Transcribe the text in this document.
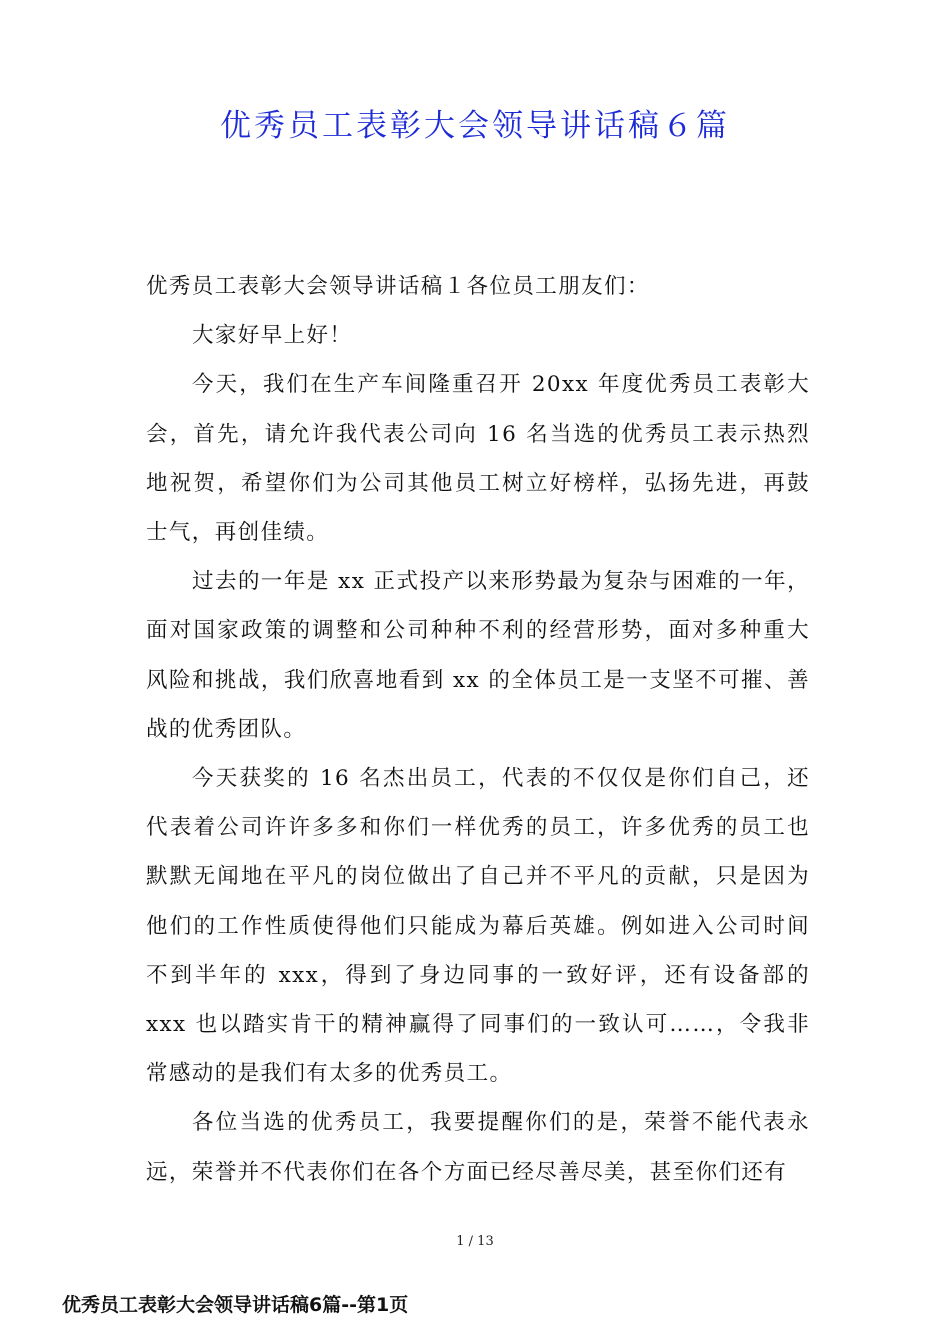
优秀员工表彰大会领导讲话稿６篇

优秀员工表彰大会领导讲话稿１各位员工朋友们：

大家好早上好！

今天，我们在生产车间隆重召开 20xx 年度优秀员工表彰大会，首先，请允许我代表公司向 16 名当选的优秀员工表示热烈地祝贺，希望你们为公司其他员工树立好榜样，弘扬先进，再鼓士气，再创佳绩。

过去的一年是 xx 正式投产以来形势最为复杂与困难的一年，面对国家政策的调整和公司种种不利的经营形势，面对多种重大风险和挑战，我们欣喜地看到 xx 的全体员工是一支坚不可摧、善战的优秀团队。

今天获奖的 16 名杰出员工，代表的不仅仅是你们自己，还代表着公司许许多多和你们一样优秀的员工，许多优秀的员工也默默无闻地在平凡的岗位做出了自己并不平凡的贡献，只是因为他们的工作性质使得他们只能成为幕后英雄。例如进入公司时间不到半年的 xxx，得到了身边同事的一致好评，还有设备部的 xxx 也以踏实肯干的精神赢得了同事们的一致认可……，令我非常感动的是我们有太多的优秀员工。

各位当选的优秀员工，我要提醒你们的是，荣誉不能代表永远，荣誉并不代表你们在各个方面已经尽善尽美，甚至你们还有

1 / 13
优秀员工表彰大会领导讲话稿6篇--第1页
